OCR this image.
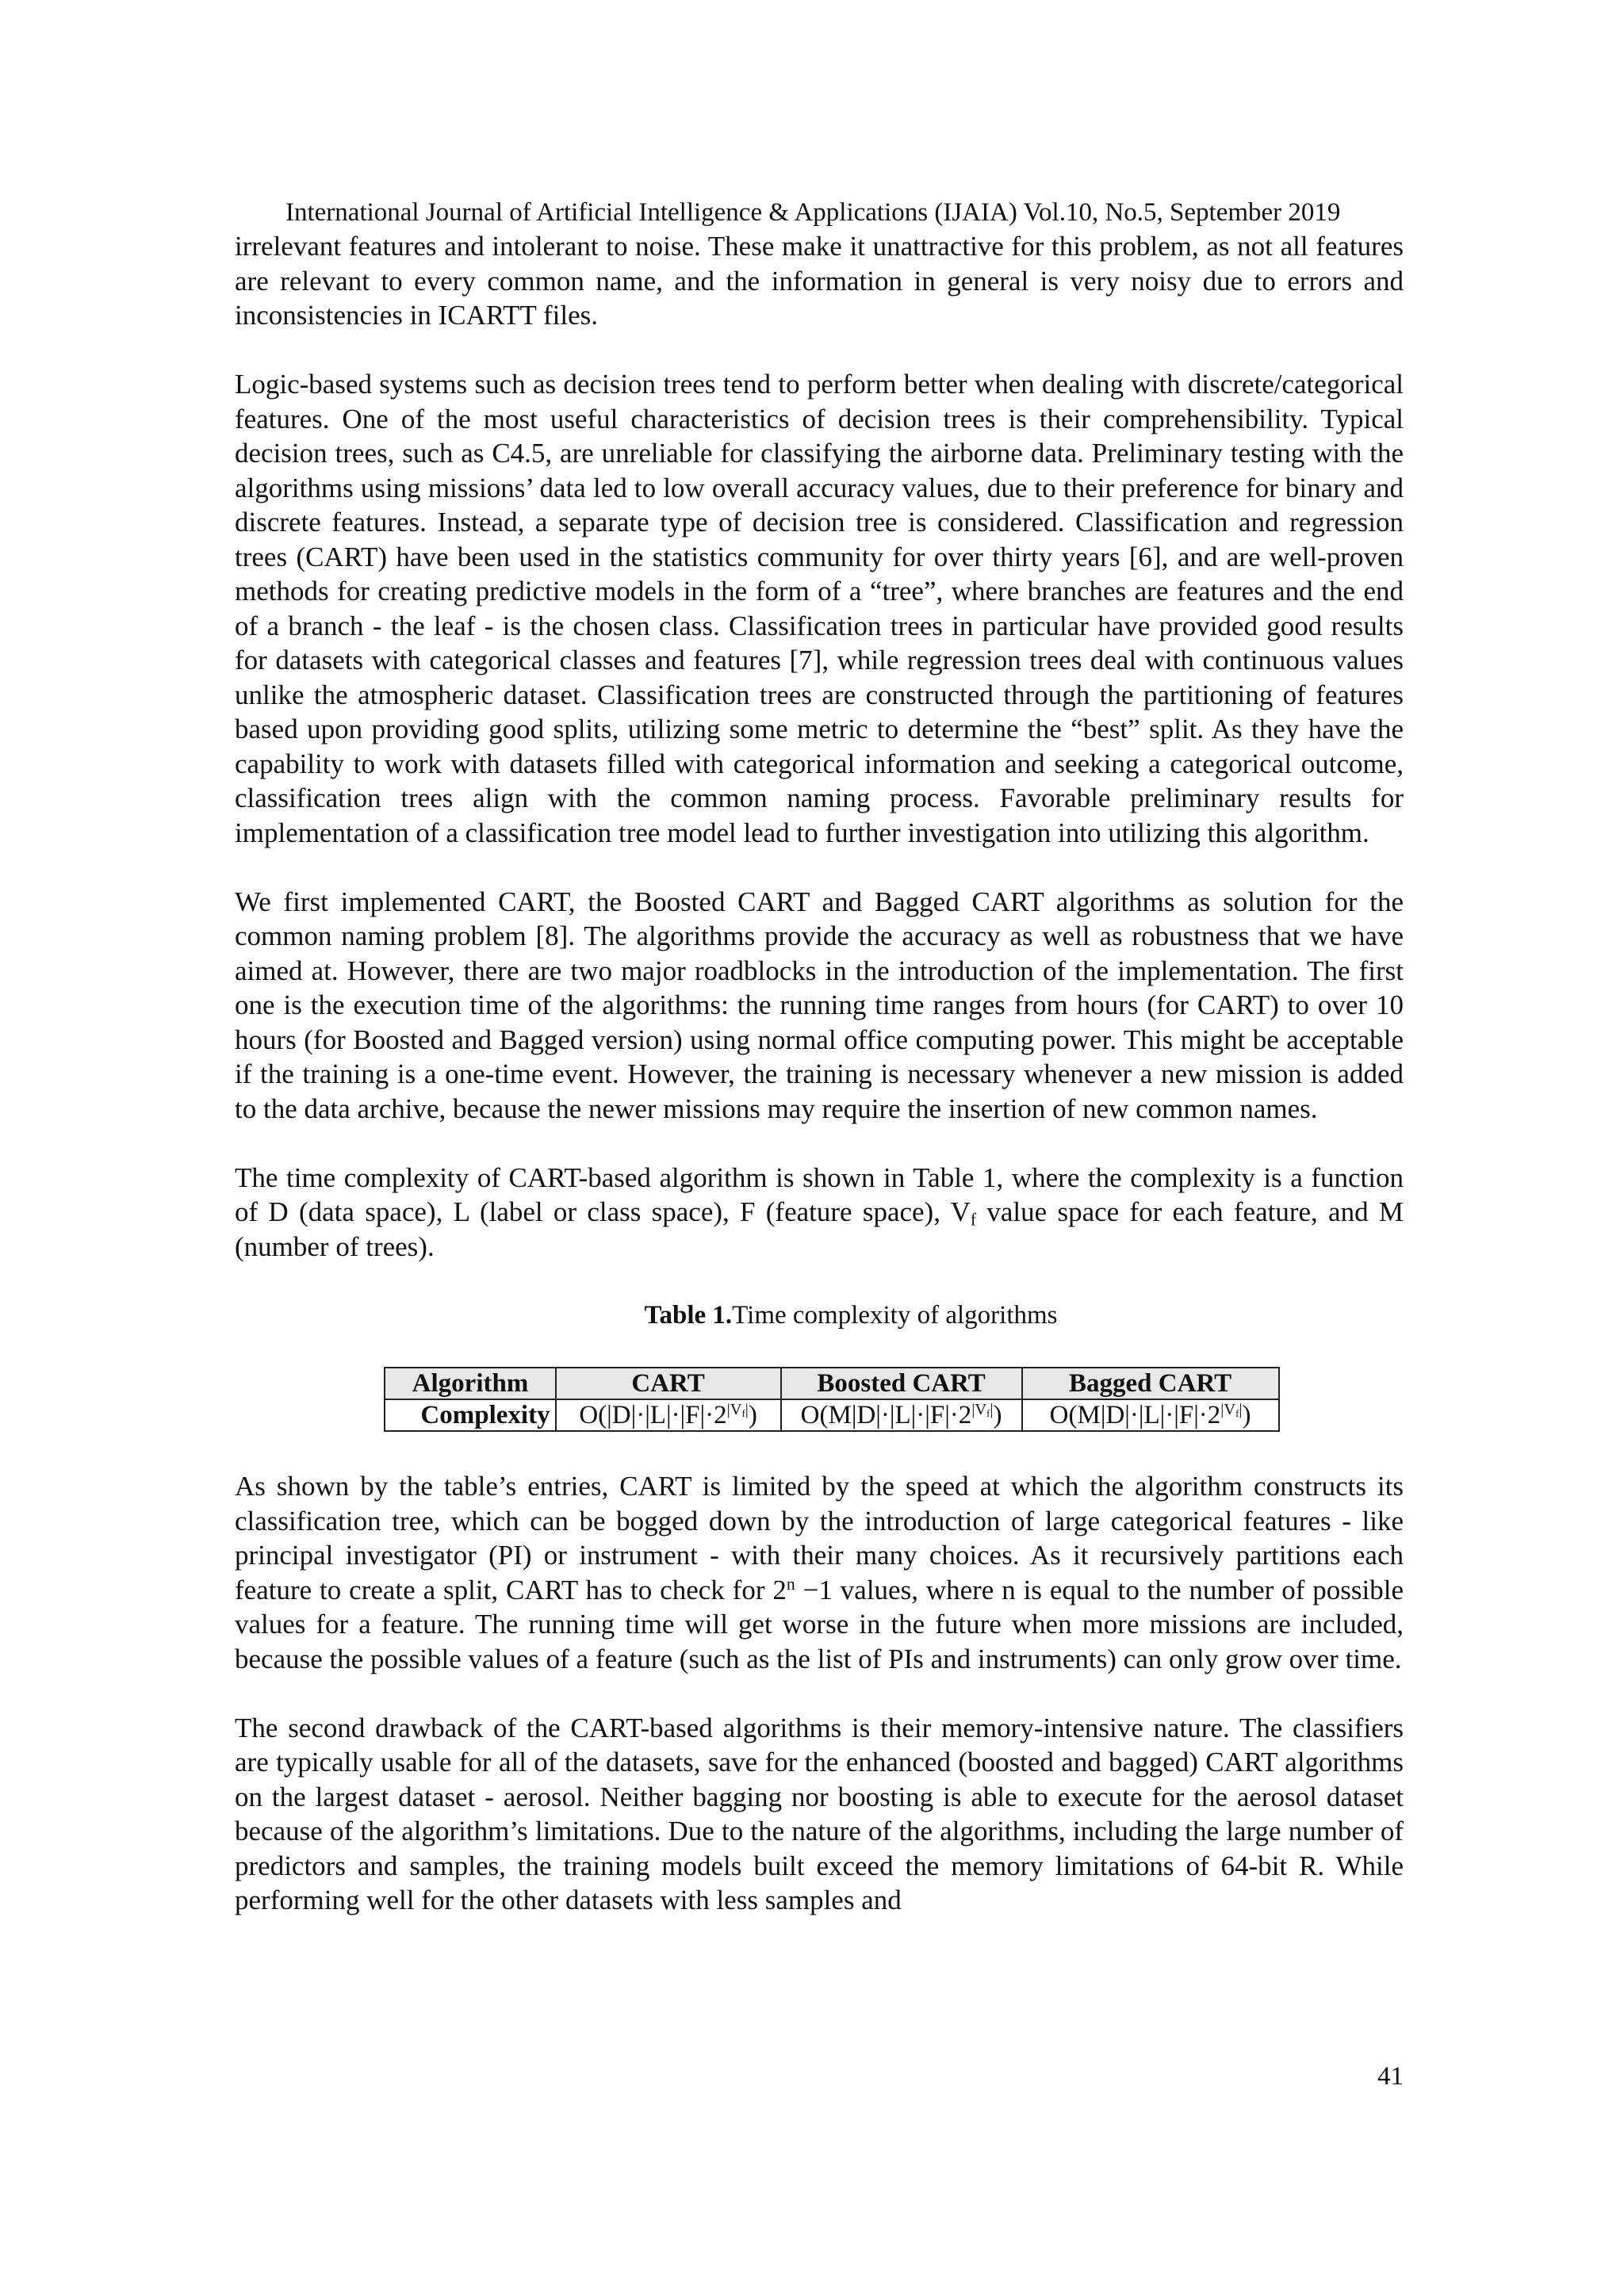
International Journal of Artificial Intelligence & Applications (IJAIA) Vol.10, No.5, September 2019

irrelevant features and intolerant to noise. These make it unattractive for this problem, as not all features are relevant to every common name, and the information in general is very noisy due to errors and inconsistencies in ICARTT files.

Logic-based systems such as decision trees tend to perform better when dealing with discrete/categorical features. One of the most useful characteristics of decision trees is their comprehensibility. Typical decision trees, such as C4.5, are unreliable for classifying the airborne data. Preliminary testing with the algorithms using missions’ data led to low overall accuracy values, due to their preference for binary and discrete features. Instead, a separate type of decision tree is considered. Classification and regression trees (CART) have been used in the statistics community for over thirty years [6], and are well-proven methods for creating predictive models in the form of a “tree”, where branches are features and the end of a branch - the leaf - is the chosen class. Classification trees in particular have provided good results for datasets with categorical classes and features [7], while regression trees deal with continuous values unlike the atmospheric dataset. Classification trees are constructed through the partitioning of features based upon providing good splits, utilizing some metric to determine the “best” split. As they have the capability to work with datasets filled with categorical information and seeking a categorical outcome, classification trees align with the common naming process. Favorable preliminary results for implementation of a classification tree model lead to further investigation into utilizing this algorithm.

We first implemented CART, the Boosted CART and Bagged CART algorithms as solution for the common naming problem [8]. The algorithms provide the accuracy as well as robustness that we have aimed at. However, there are two major roadblocks in the introduction of the implementation. The first one is the execution time of the algorithms: the running time ranges from hours (for CART) to over 10 hours (for Boosted and Bagged version) using normal office computing power. This might be acceptable if the training is a one-time event. However, the training is necessary whenever a new mission is added to the data archive, because the newer missions may require the insertion of new common names.

The time complexity of CART-based algorithm is shown in Table 1, where the complexity is a function of D (data space), L (label or class space), F (feature space), $V_f$ value space for each feature, and M (number of trees).

Table 1.Time complexity of algorithms
Algorithm	CART	Boosted CART	Bagged CART
Complexity	$O(|D|\cdot|L|\cdot|F|\cdot 2^{|V_f|})$	$O(M|D|\cdot|L|\cdot|F|\cdot 2^{|V_f|})$	$O(M|D|\cdot|L|\cdot|F|\cdot 2^{|V_f|})$

As shown by the table’s entries, CART is limited by the speed at which the algorithm constructs its classification tree, which can be bogged down by the introduction of large categorical features - like principal investigator (PI) or instrument - with their many choices. As it recursively partitions each feature to create a split, CART has to check for $2^n -1$ values, where n is equal to the number of possible values for a feature. The running time will get worse in the future when more missions are included, because the possible values of a feature (such as the list of PIs and instruments) can only grow over time.

The second drawback of the CART-based algorithms is their memory-intensive nature. The classifiers are typically usable for all of the datasets, save for the enhanced (boosted and bagged) CART algorithms on the largest dataset - aerosol. Neither bagging nor boosting is able to execute for the aerosol dataset because of the algorithm’s limitations. Due to the nature of the algorithms, including the large number of predictors and samples, the training models built exceed the memory limitations of 64-bit R. While performing well for the other datasets with less samples and

41
